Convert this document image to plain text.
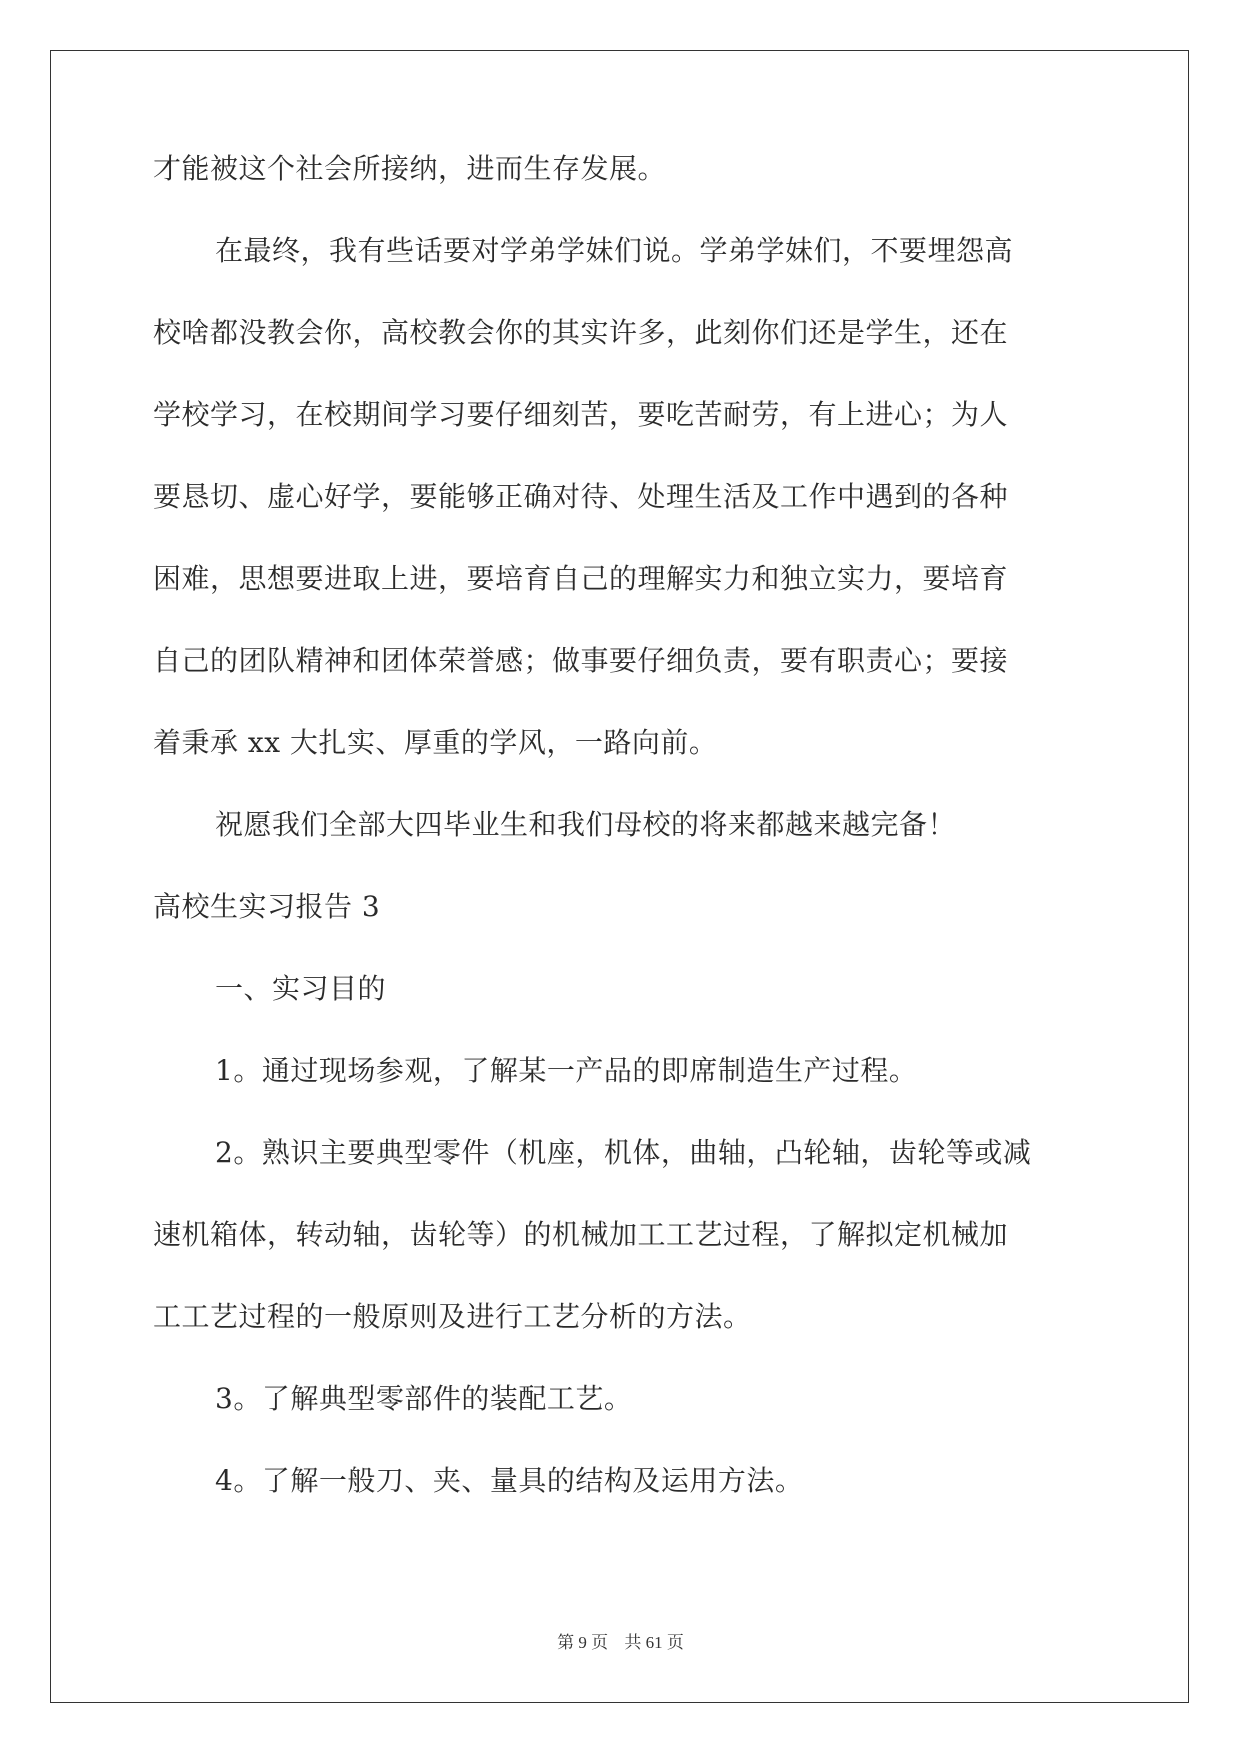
才能被这个社会所接纳，进而生存发展。
在最终，我有些话要对学弟学妹们说。学弟学妹们，不要埋怨高
校啥都没教会你，高校教会你的其实许多，此刻你们还是学生，还在
学校学习，在校期间学习要仔细刻苦，要吃苦耐劳，有上进心；为人
要恳切、虚心好学，要能够正确对待、处理生活及工作中遇到的各种
困难，思想要进取上进，要培育自己的理解实力和独立实力，要培育
自己的团队精神和团体荣誉感；做事要仔细负责，要有职责心；要接
着秉承 xx 大扎实、厚重的学风，一路向前。
祝愿我们全部大四毕业生和我们母校的将来都越来越完备！
高校生实习报告 3
一、实习目的
1。通过现场参观，了解某一产品的即席制造生产过程。
2。熟识主要典型零件（机座，机体，曲轴，凸轮轴，齿轮等或减
速机箱体，转动轴，齿轮等）的机械加工工艺过程，了解拟定机械加
工工艺过程的一般原则及进行工艺分析的方法。
3。了解典型零部件的装配工艺。
4。了解一般刀、夹、量具的结构及运用方法。
第 9 页 共 61 页
